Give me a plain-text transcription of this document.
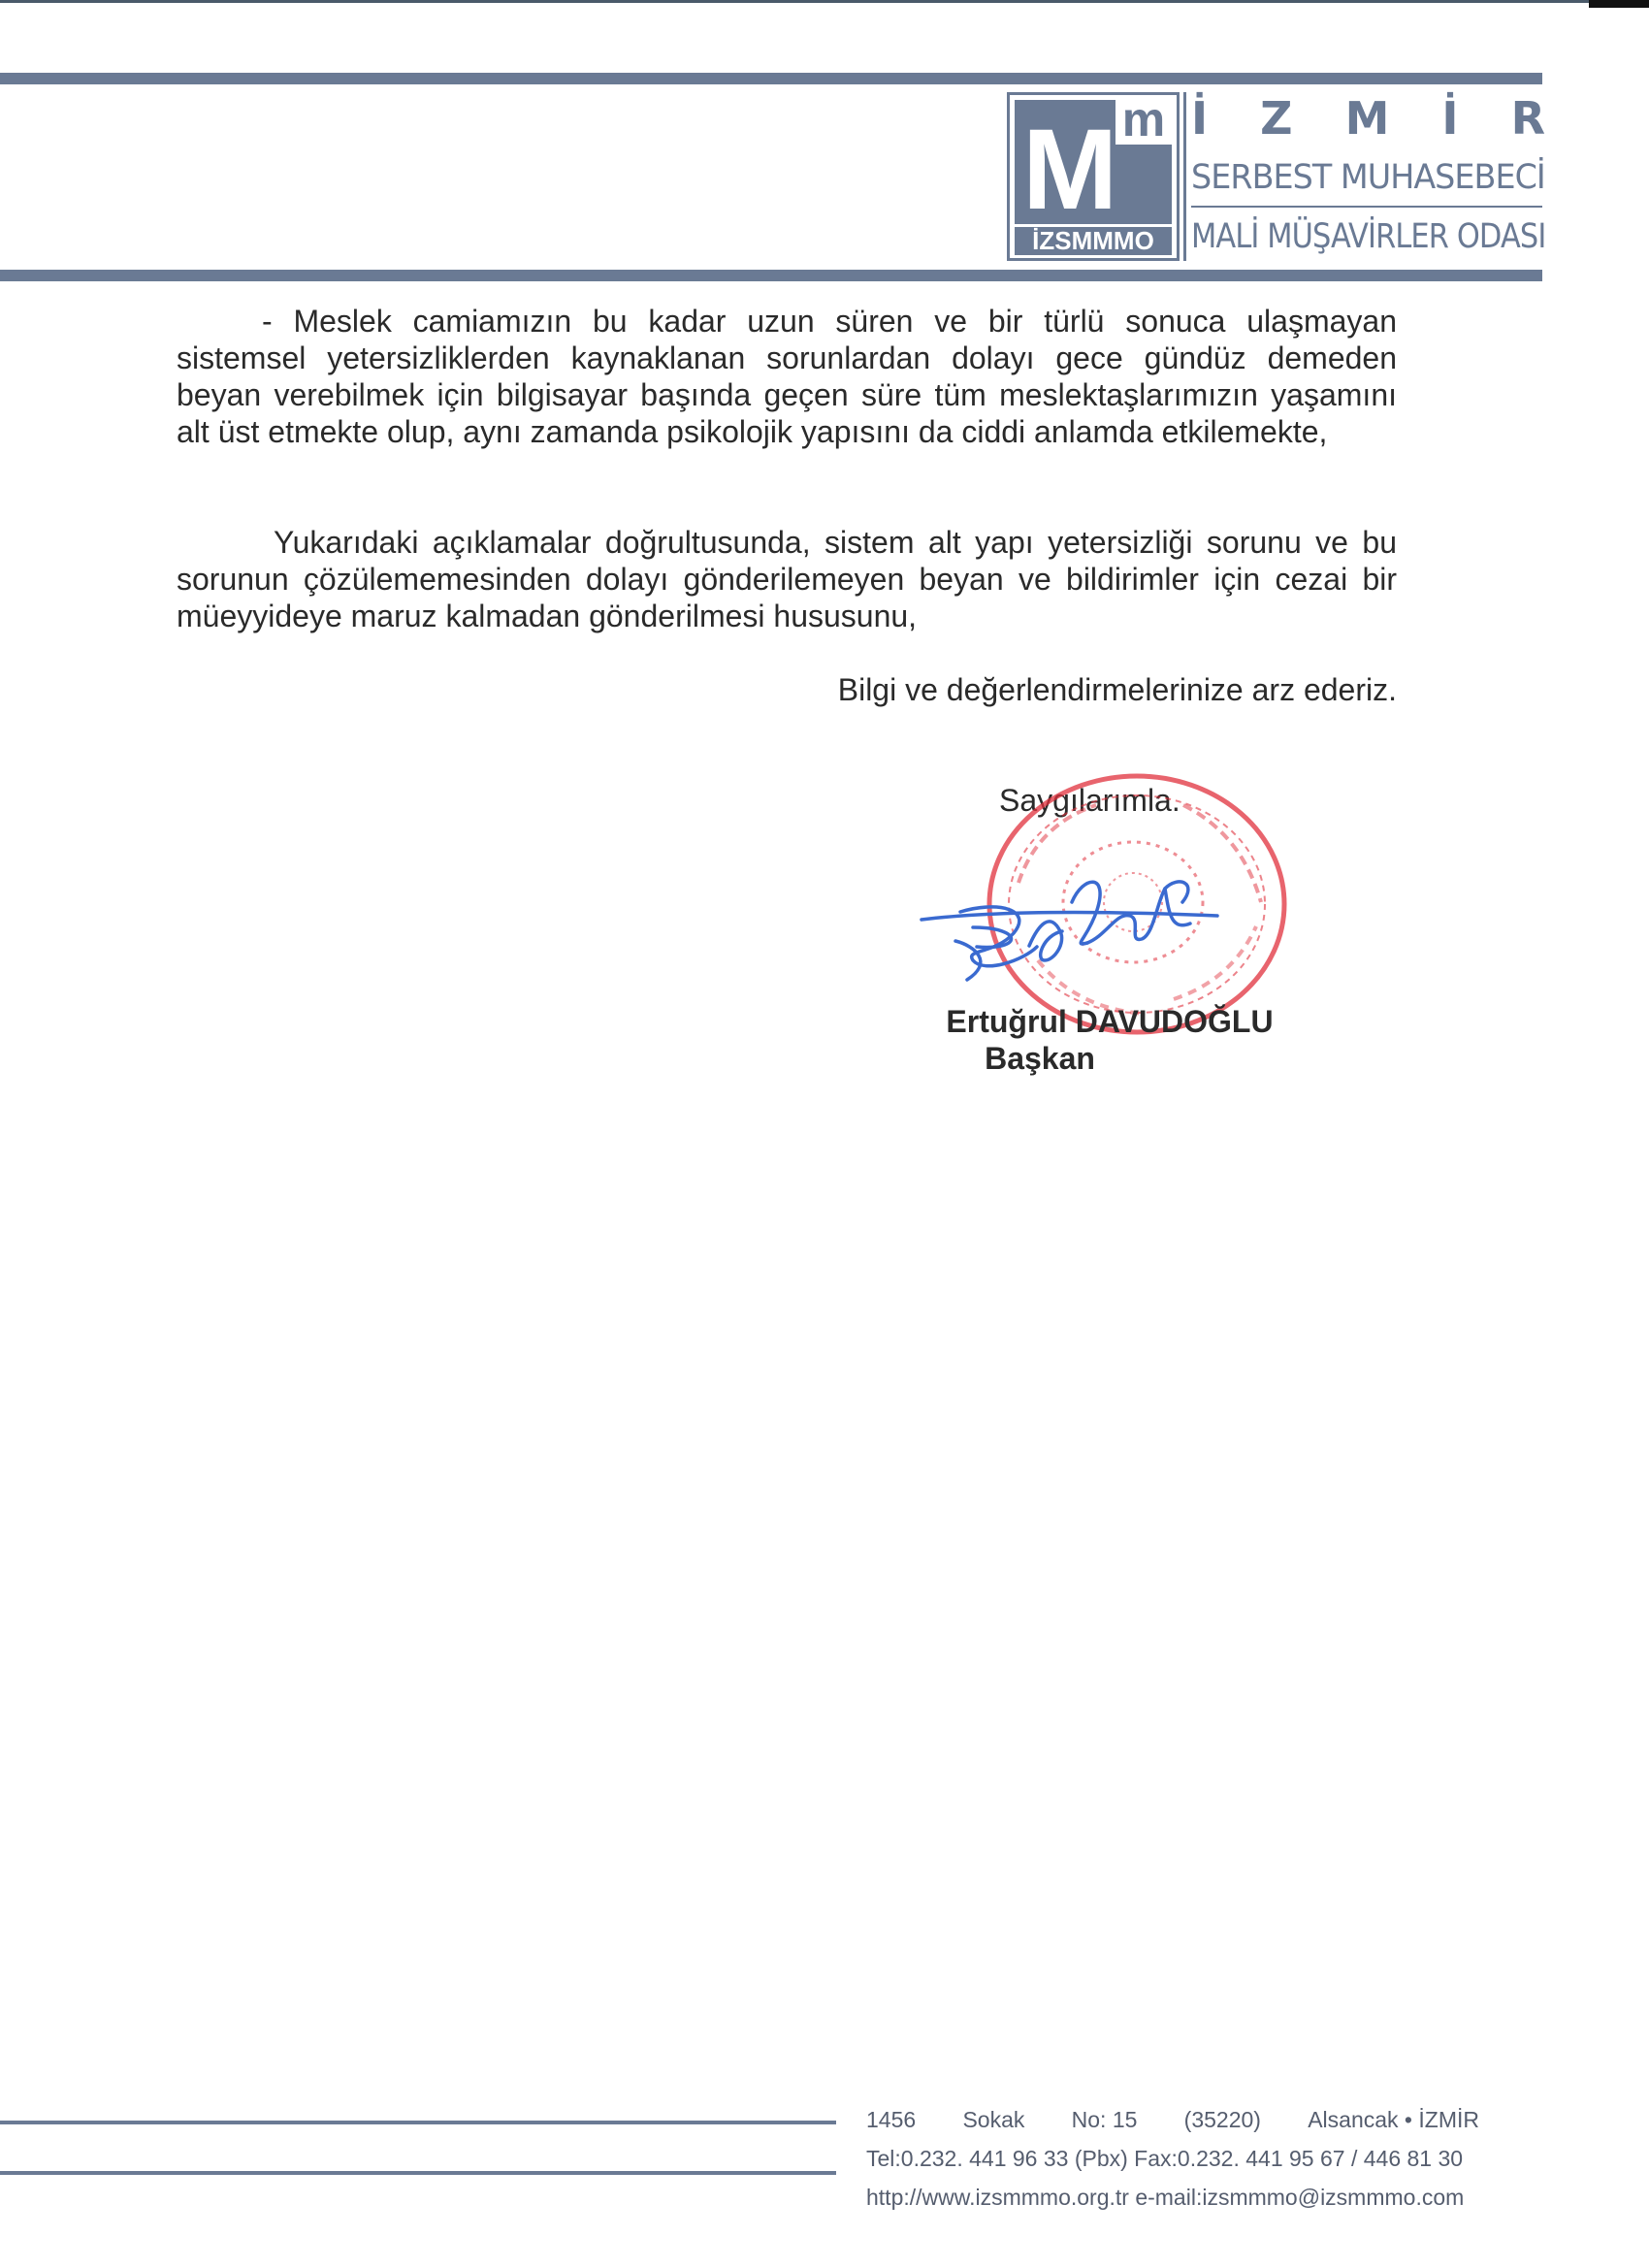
M m
İZSMMMO
İ Z M İ R
SERBEST MUHASEBECİ
MALİ MÜŞAVİRLER ODASI

- Meslek camiamızın bu kadar uzun süren ve bir türlü sonuca ulaşmayan sistemsel yetersizliklerden kaynaklanan sorunlardan dolayı gece gündüz demeden beyan verebilmek için bilgisayar başında geçen süre tüm meslektaşlarımızın yaşamını alt üst etmekte olup, aynı zamanda psikolojik yapısını da ciddi anlamda etkilemekte,

Yukarıdaki açıklamalar doğrultusunda, sistem alt yapı yetersizliği sorunu ve bu sorunun çözülememesinden dolayı gönderilemeyen beyan ve bildirimler için cezai bir müeyyideye maruz kalmadan gönderilmesi hususunu,

Bilgi ve değerlendirmelerinize arz ederiz.
Saygılarımla.
Ertuğrul DAVUDOĞLU
Başkan
1456 Sokak No: 15 (35220) Alsancak • İZMİR
Tel:0.232. 441 96 33 (Pbx) Fax:0.232. 441 95 67 / 446 81 30
http://www.izsmmmo.org.tr e-mail:izsmmmo@izsmmmo.com
